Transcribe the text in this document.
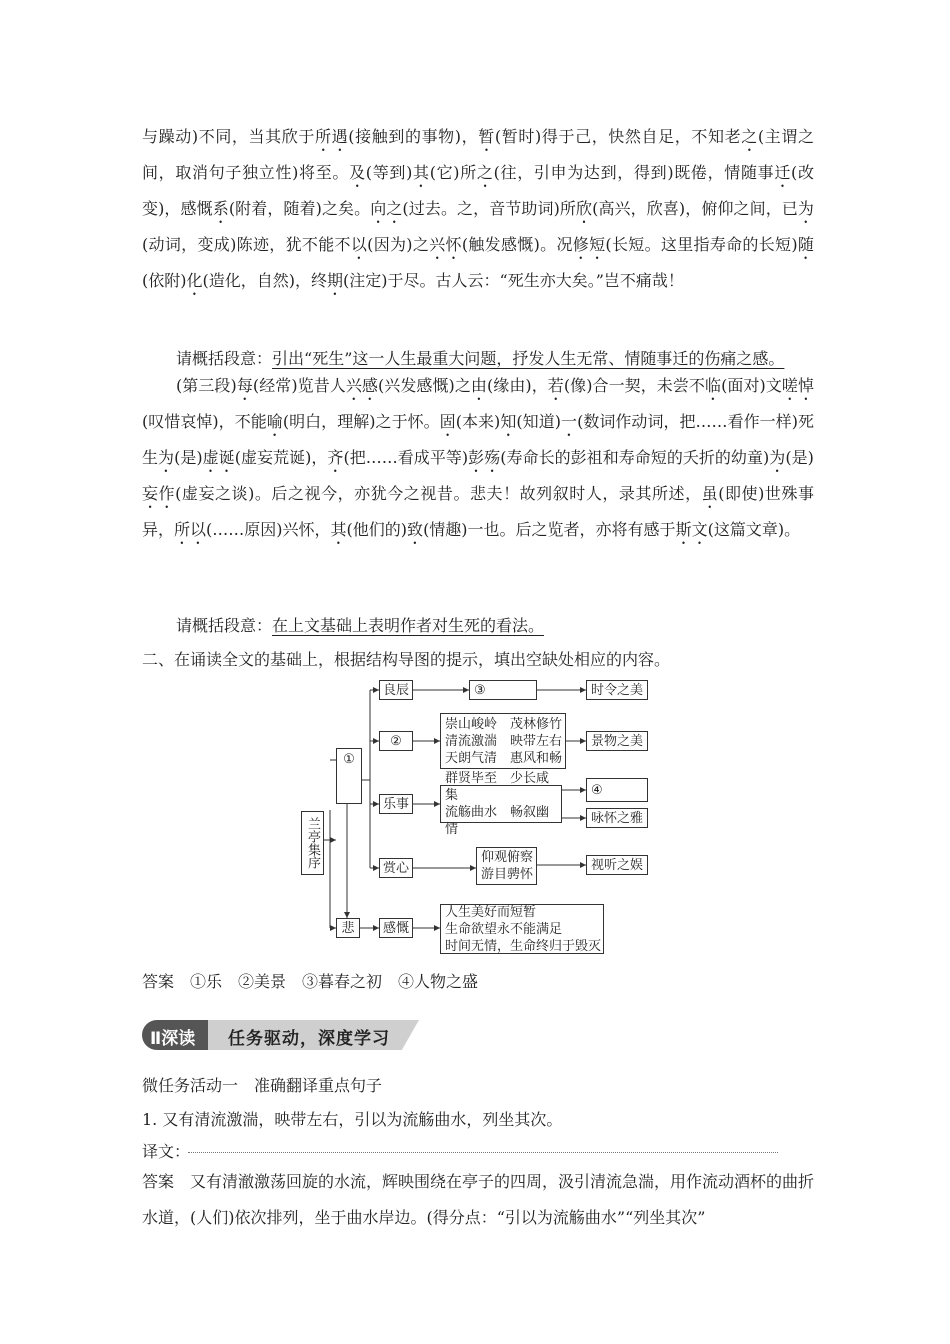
与躁动)不同，当其欣于所遇(接触到的事物)，暂(暂时)得于己，快然自足，不知老之(主谓之间，取消句子独立性)将至。及(等到)其(它)所之(往，引申为达到，得到)既倦，情随事迁(改变)，感慨系(附着，随着)之矣。向之(过去。之，音节助词)所欣(高兴，欣喜)，俯仰之间，已为(动词，变成)陈迹，犹不能不以(因为)之兴怀(触发感慨)。况修短(长短。这里指寿命的长短)随(依附)化(造化，自然)，终期(注定)于尽。古人云：“死生亦大矣。”岂不痛哉！

请概括段意：引出“死生”这一人生最重大问题，抒发人生无常、情随事迁的伤痛之感。

(第三段)每(经常)览昔人兴感(兴发感慨)之由(缘由)，若(像)合一契，未尝不临(面对)文嗟悼(叹惜哀悼)，不能喻(明白，理解)之于怀。固(本来)知(知道)一(数词作动词，把……看作一样)死生为(是)虚诞(虚妄荒诞)，齐(把……看成平等)彭殇(寿命长的彭祖和寿命短的夭折的幼童)为(是)妄作(虚妄之谈)。后之视今，亦犹今之视昔。悲夫！故列叙时人，录其所述，虽(即使)世殊事异，所以(……原因)兴怀，其(他们的)致(情趣)一也。后之览者，亦将有感于斯文(这篇文章)。

请概括段意：在上文基础上表明作者对生死的看法。

二、在诵读全文的基础上，根据结构导图的提示，填出空缺处相应的内容。

兰亭集序
①
悲
良辰
②
乐事
赏心
感慨
③	时令之美
崇山峻岭　茂林修竹
清流激湍　映带左右
天朗气清　惠风和畅
景物之美
群贤毕至　少长咸集
流觞曲水　畅叙幽情
④
咏怀之雅
仰观俯察
游目骋怀
视听之娱
人生美好而短暂
生命欲望永不能满足
时间无情，生命终归于毁灭

答案　①乐　②美景　③暮春之初　④人物之盛

Ⅱ深读 任务驱动，深度学习

微任务活动一　准确翻译重点句子

1. 又有清流激湍，映带左右，引以为流觞曲水，列坐其次。

译文：

答案　又有清澈激荡回旋的水流，辉映围绕在亭子的四周，汲引清流急湍，用作流动酒杯的曲折水道，(人们)依次排列，坐于曲水岸边。(得分点：“引以为流觞曲水”“列坐其次”
